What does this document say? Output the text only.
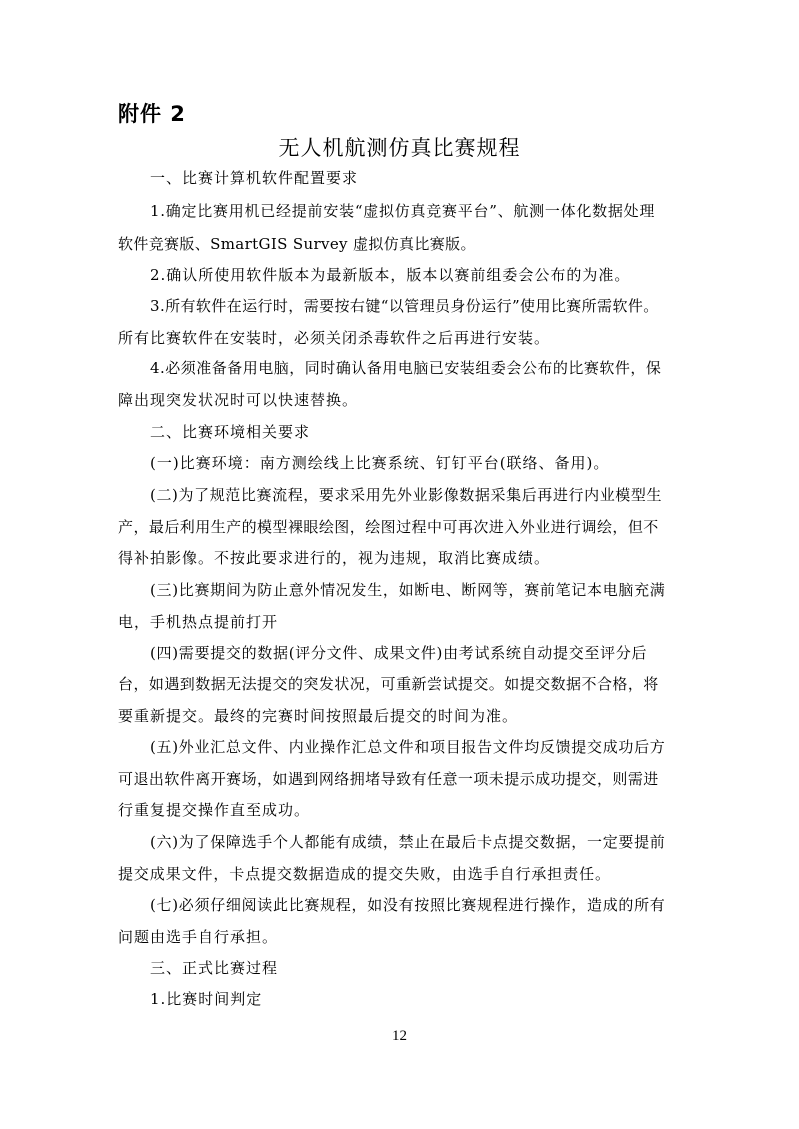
附件 2
无人机航测仿真比赛规程
一、比赛计算机软件配置要求
1.确定比赛用机已经提前安装“虚拟仿真竞赛平台”、航测一体化数据处理
软件竞赛版、SmartGIS Survey 虚拟仿真比赛版。
2.确认所使用软件版本为最新版本，版本以赛前组委会公布的为准。
3.所有软件在运行时，需要按右键“以管理员身份运行”使用比赛所需软件。
所有比赛软件在安装时，必须关闭杀毒软件之后再进行安装。
4.必须准备备用电脑，同时确认备用电脑已安装组委会公布的比赛软件，保
障出现突发状况时可以快速替换。
二、比赛环境相关要求
(一)比赛环境：南方测绘线上比赛系统、钉钉平台(联络、备用)。
(二)为了规范比赛流程，要求采用先外业影像数据采集后再进行内业模型生
产，最后利用生产的模型裸眼绘图，绘图过程中可再次进入外业进行调绘，但不
得补拍影像。不按此要求进行的，视为违规，取消比赛成绩。
(三)比赛期间为防止意外情况发生，如断电、断网等，赛前笔记本电脑充满
电，手机热点提前打开
(四)需要提交的数据(评分文件、成果文件)由考试系统自动提交至评分后
台，如遇到数据无法提交的突发状况，可重新尝试提交。如提交数据不合格，将
要重新提交。最终的完赛时间按照最后提交的时间为准。
(五)外业汇总文件、内业操作汇总文件和项目报告文件均反馈提交成功后方
可退出软件离开赛场，如遇到网络拥堵导致有任意一项未提示成功提交，则需进
行重复提交操作直至成功。
(六)为了保障选手个人都能有成绩，禁止在最后卡点提交数据，一定要提前
提交成果文件，卡点提交数据造成的提交失败，由选手自行承担责任。
(七)必须仔细阅读此比赛规程，如没有按照比赛规程进行操作，造成的所有
问题由选手自行承担。
三、正式比赛过程
1.比赛时间判定
12
